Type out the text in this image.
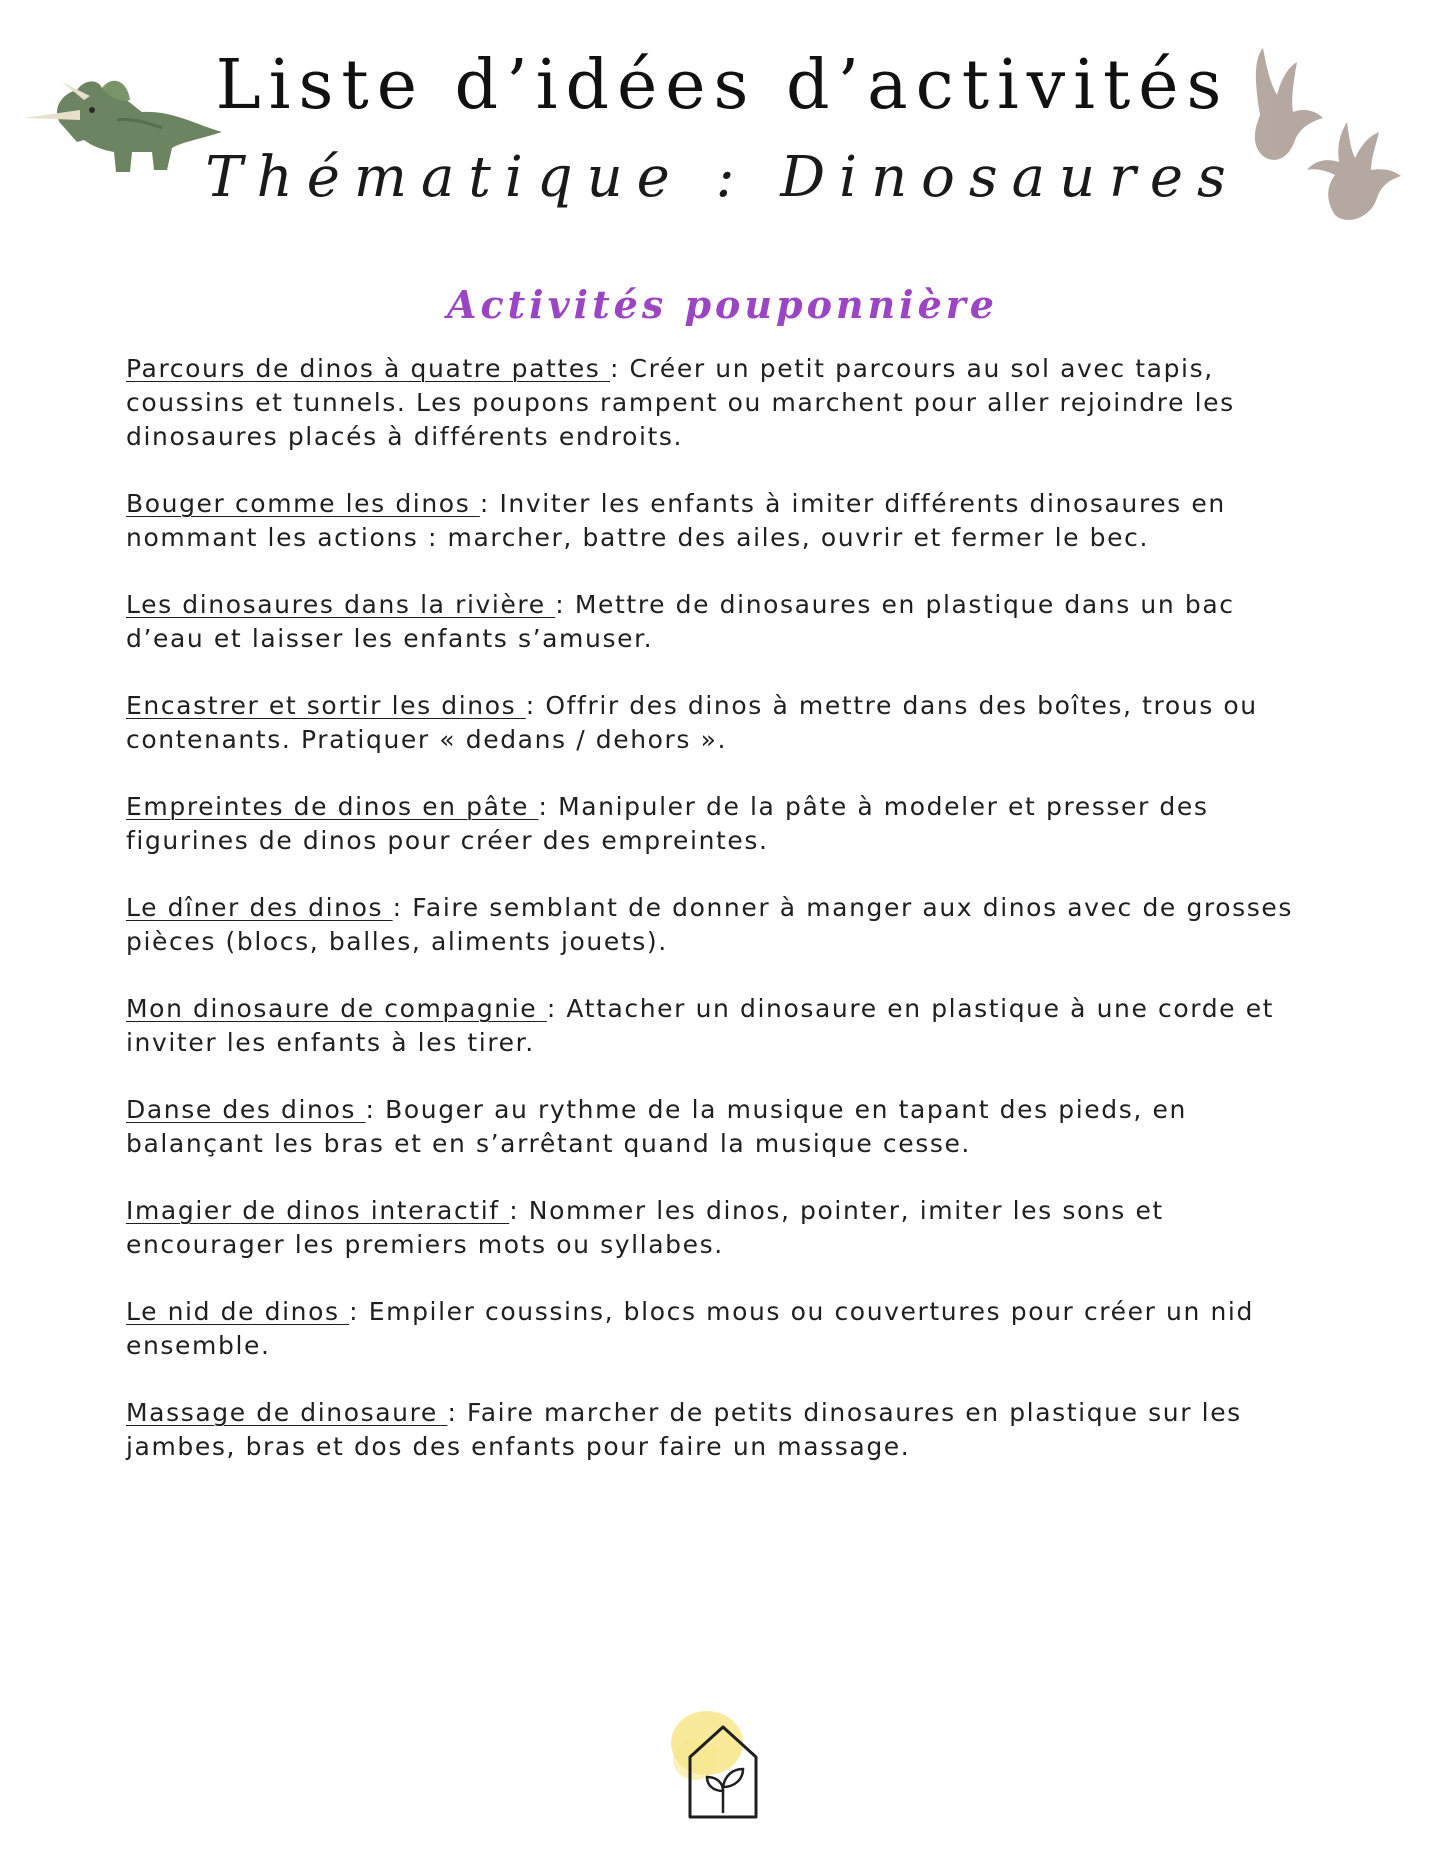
Liste d’idées d’activités
Thématique : Dinosaures
Activités pouponnière

Parcours de dinos à quatre pattes : Créer un petit parcours au sol avec tapis, coussins et tunnels. Les poupons rampent ou marchent pour aller rejoindre les dinosaures placés à différents endroits.

Bouger comme les dinos : Inviter les enfants à imiter différents dinosaures en nommant les actions : marcher, battre des ailes, ouvrir et fermer le bec.

Les dinosaures dans la rivière : Mettre de dinosaures en plastique dans un bac d’eau et laisser les enfants s’amuser.

Encastrer et sortir les dinos : Offrir des dinos à mettre dans des boîtes, trous ou contenants. Pratiquer « dedans / dehors ».

Empreintes de dinos en pâte : Manipuler de la pâte à modeler et presser des figurines de dinos pour créer des empreintes.

Le dîner des dinos : Faire semblant de donner à manger aux dinos avec de grosses pièces (blocs, balles, aliments jouets).

Mon dinosaure de compagnie : Attacher un dinosaure en plastique à une corde et inviter les enfants à les tirer.

Danse des dinos : Bouger au rythme de la musique en tapant des pieds, en balançant les bras et en s’arrêtant quand la musique cesse.

Imagier de dinos interactif : Nommer les dinos, pointer, imiter les sons et encourager les premiers mots ou syllabes.

Le nid de dinos : Empiler coussins, blocs mous ou couvertures pour créer un nid ensemble.

Massage de dinosaure : Faire marcher de petits dinosaures en plastique sur les jambes, bras et dos des enfants pour faire un massage.
